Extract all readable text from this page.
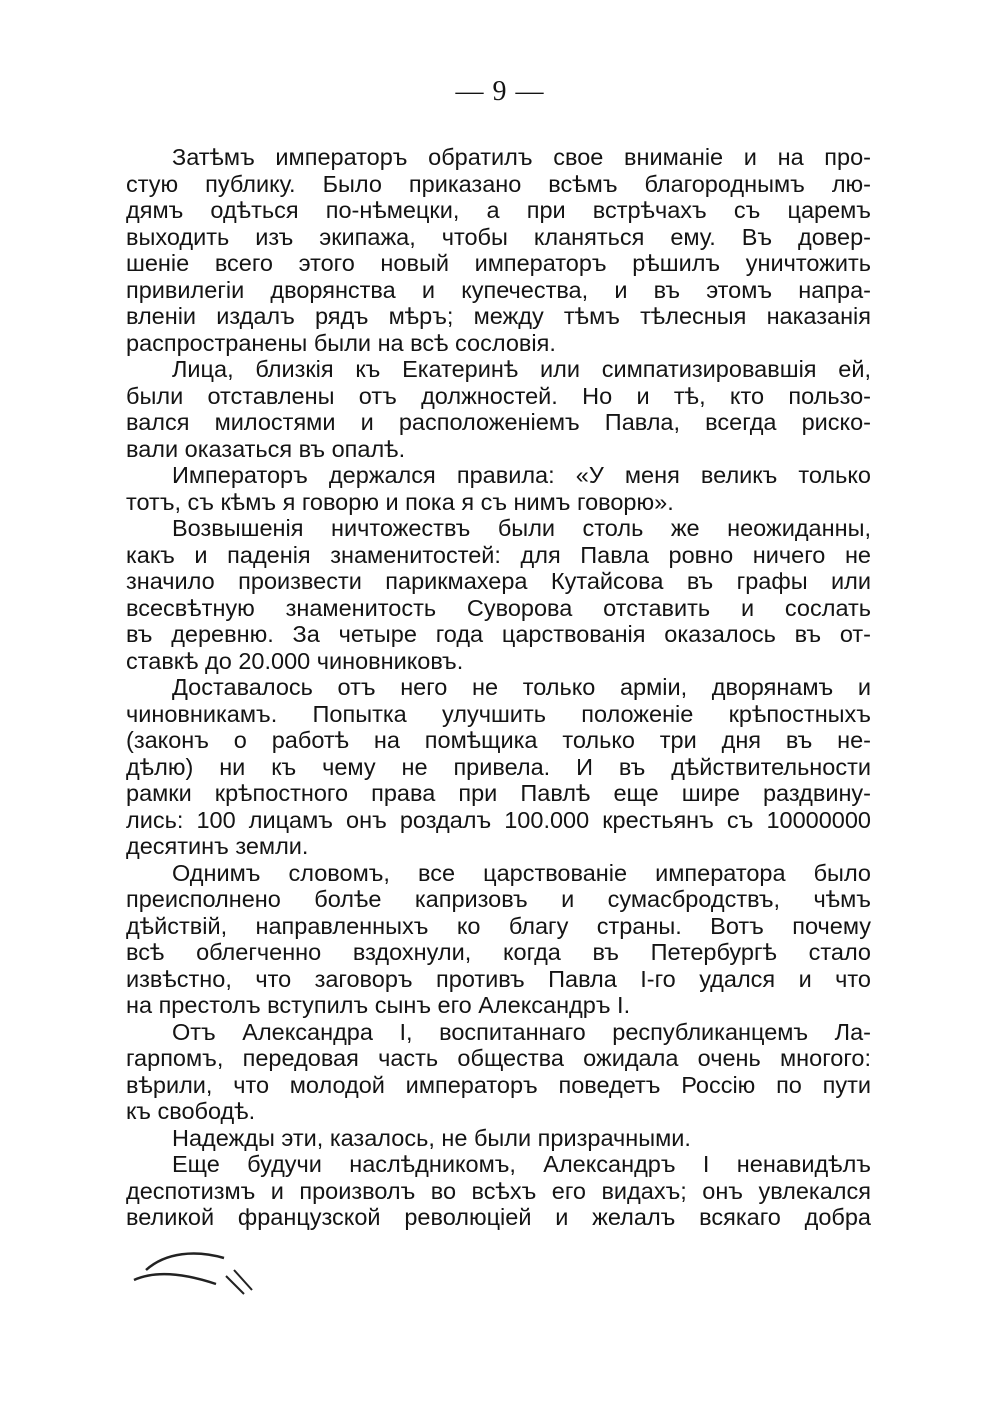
— 9 —
Затѣмъ императоръ обратилъ свое вниманіе и на про-
стую публику. Было приказано всѣмъ благороднымъ лю-
дямъ одѣться по-нѣмецки, а при встрѣчахъ съ царемъ
выходить изъ экипажа, чтобы кланяться ему. Въ довер-
шеніе всего этого новый императоръ рѣшилъ уничтожить
привилегіи дворянства и купечества, и въ этомъ напра-
вленіи издалъ рядъ мѣръ; между тѣмъ тѣлесныя наказанія
распространены были на всѣ сословія.
Лица, близкія къ Екатеринѣ или симпатизировавшія ей,
были отставлены отъ должностей. Но и тѣ, кто пользо-
вался милостями и расположеніемъ Павла, всегда риско-
вали оказаться въ опалѣ.
Императоръ держался правила: «У меня великъ только
тотъ, съ кѣмъ я говорю и пока я съ нимъ говорю».
Возвышенія ничтожествъ были столь же неожиданны,
какъ и паденія знаменитостей: для Павла ровно ничего не
значило произвести парикмахера Кутайсова въ графы или
всесвѣтную знаменитость Суворова отставить и сослать
въ деревню. За четыре года царствованія оказалось въ от-
ставкѣ до 20.000 чиновниковъ.
Доставалось отъ него не только арміи, дворянамъ и
чиновникамъ. Попытка улучшить положеніе крѣпостныхъ
(законъ о работѣ на помѣщика только три дня въ не-
дѣлю) ни къ чему не привела. И въ дѣйствительности
рамки крѣпостного права при Павлѣ еще шире раздвину-
лись: 100 лицамъ онъ роздалъ 100.000 крестьянъ съ 10000000
десятинъ земли.
Однимъ словомъ, все царствованіе императора было
преисполнено болѣе капризовъ и сумасбродствъ, чѣмъ
дѣйствій, направленныхъ ко благу страны. Вотъ почему
всѣ облегченно вздохнули, когда въ Петербургѣ стало
извѣстно, что заговоръ противъ Павла І-го удался и что
на престолъ вступилъ сынъ его Александръ І.
Отъ Александра І, воспитаннаго республиканцемъ Ла-
гарпомъ, передовая часть общества ожидала очень многого:
вѣрили, что молодой императоръ поведетъ Россію по пути
къ свободѣ.
Надежды эти, казалось, не были призрачными.
Еще будучи наслѣдникомъ, Александръ І ненавидѣлъ
деспотизмъ и произволъ во всѣхъ его видахъ; онъ увлекался
великой французской революціей и желалъ всякаго добра
